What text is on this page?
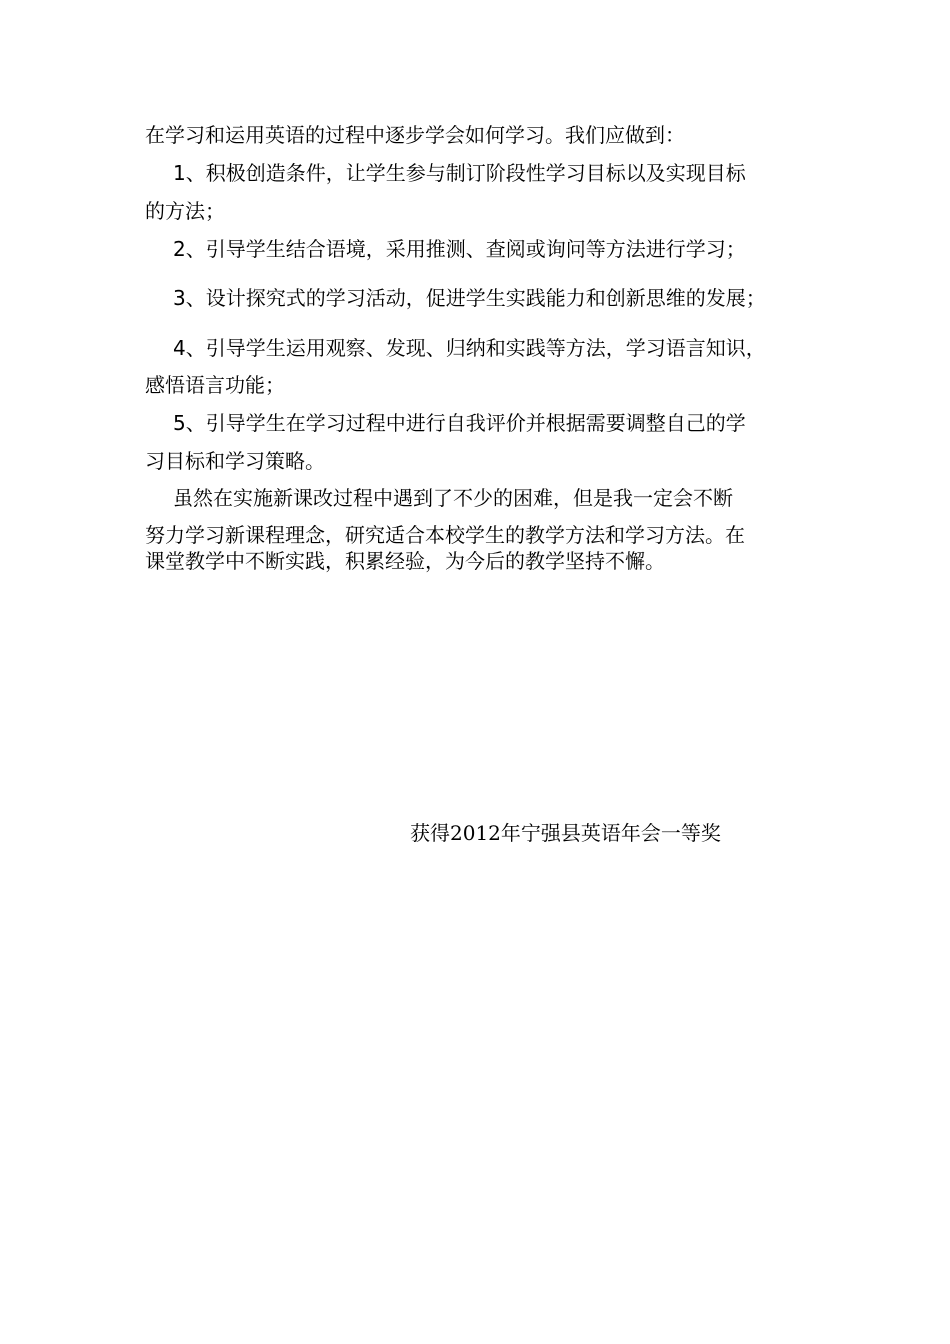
在学习和运用英语的过程中逐步学会如何学习。我们应做到：
1、积极创造条件，让学生参与制订阶段性学习目标以及实现目标
的方法；
2、引导学生结合语境，采用推测、查阅或询问等方法进行学习；
3、设计探究式的学习活动，促进学生实践能力和创新思维的发展；
4、引导学生运用观察、发现、归纳和实践等方法，学习语言知识，
感悟语言功能；
5、引导学生在学习过程中进行自我评价并根据需要调整自己的学
习目标和学习策略。
虽然在实施新课改过程中遇到了不少的困难，但是我一定会不断
努力学习新课程理念，研究适合本校学生的教学方法和学习方法。在
课堂教学中不断实践，积累经验，为今后的教学坚持不懈。
获得2012年宁强县英语年会一等奖
